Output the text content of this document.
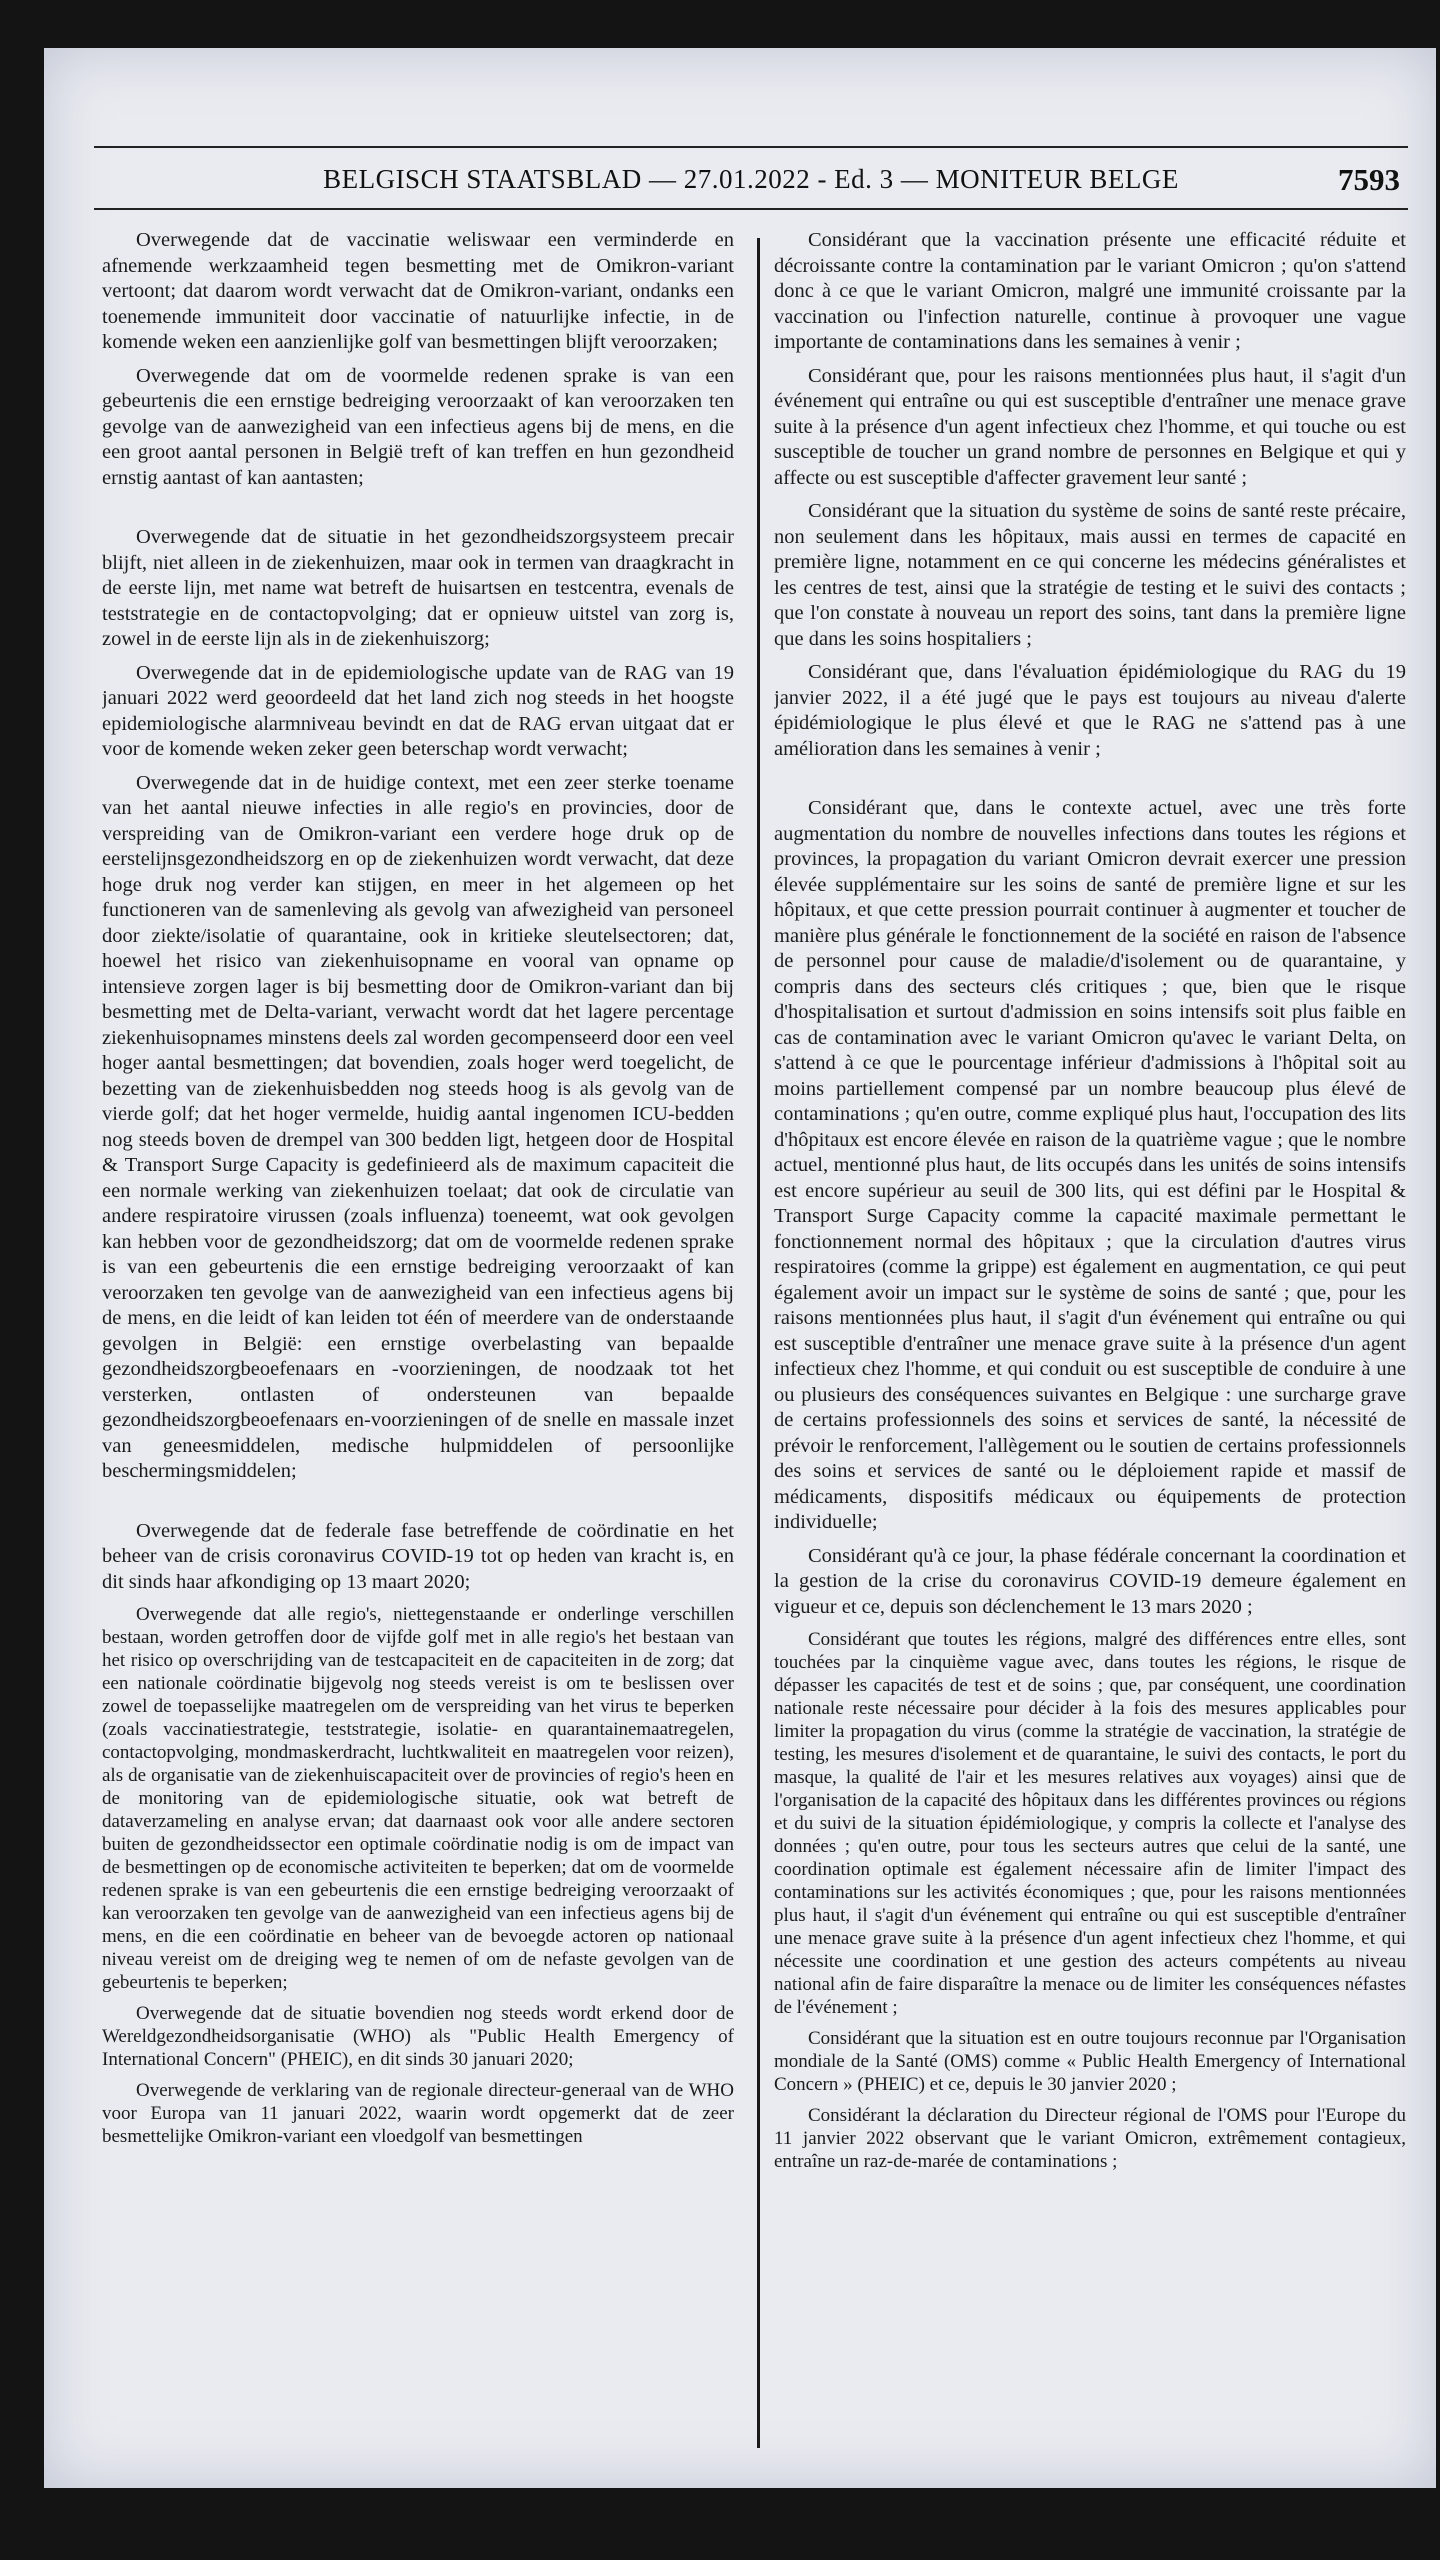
BELGISCH STAATSBLAD — 27.01.2022 - Ed. 3 — MONITEUR BELGE	7593

Overwegende dat de vaccinatie weliswaar een verminderde en afnemende werkzaamheid tegen besmetting met de Omikron-variant vertoont; dat daarom wordt verwacht dat de Omikron-variant, ondanks een toenemende immuniteit door vaccinatie of natuurlijke infectie, in de komende weken een aanzienlijke golf van besmettingen blijft veroorzaken;

Overwegende dat om de voormelde redenen sprake is van een gebeurtenis die een ernstige bedreiging veroorzaakt of kan veroorzaken ten gevolge van de aanwezigheid van een infectieus agens bij de mens, en die een groot aantal personen in België treft of kan treffen en hun gezondheid ernstig aantast of kan aantasten;

Overwegende dat de situatie in het gezondheidszorgsysteem precair blijft, niet alleen in de ziekenhuizen, maar ook in termen van draagkracht in de eerste lijn, met name wat betreft de huisartsen en testcentra, evenals de teststrategie en de contactopvolging; dat er opnieuw uitstel van zorg is, zowel in de eerste lijn als in de ziekenhuiszorg;

Overwegende dat in de epidemiologische update van de RAG van 19 januari 2022 werd geoordeeld dat het land zich nog steeds in het hoogste epidemiologische alarmniveau bevindt en dat de RAG ervan uitgaat dat er voor de komende weken zeker geen beterschap wordt verwacht;

Overwegende dat in de huidige context, met een zeer sterke toename van het aantal nieuwe infecties in alle regio's en provincies, door de verspreiding van de Omikron-variant een verdere hoge druk op de eerstelijnsgezondheidszorg en op de ziekenhuizen wordt verwacht, dat deze hoge druk nog verder kan stijgen, en meer in het algemeen op het functioneren van de samenleving als gevolg van afwezigheid van personeel door ziekte/isolatie of quarantaine, ook in kritieke sleutelsectoren; dat, hoewel het risico van ziekenhuisopname en vooral van opname op intensieve zorgen lager is bij besmetting door de Omikron-variant dan bij besmetting met de Delta-variant, verwacht wordt dat het lagere percentage ziekenhuisopnames minstens deels zal worden gecompenseerd door een veel hoger aantal besmettingen; dat bovendien, zoals hoger werd toegelicht, de bezetting van de ziekenhuisbedden nog steeds hoog is als gevolg van de vierde golf; dat het hoger vermelde, huidig aantal ingenomen ICU-bedden nog steeds boven de drempel van 300 bedden ligt, hetgeen door de Hospital & Transport Surge Capacity is gedefinieerd als de maximum capaciteit die een normale werking van ziekenhuizen toelaat; dat ook de circulatie van andere respiratoire virussen (zoals influenza) toeneemt, wat ook gevolgen kan hebben voor de gezondheidszorg; dat om de voormelde redenen sprake is van een gebeurtenis die een ernstige bedreiging veroorzaakt of kan veroorzaken ten gevolge van de aanwezigheid van een infectieus agens bij de mens, en die leidt of kan leiden tot één of meerdere van de onderstaande gevolgen in België: een ernstige overbelasting van bepaalde gezondheidszorgbeoefenaars en -voorzieningen, de noodzaak tot het versterken, ontlasten of ondersteunen van bepaalde gezondheidszorgbeoefenaars en-voorzieningen of de snelle en massale inzet van geneesmiddelen, medische hulpmiddelen of persoonlijke beschermingsmiddelen;

Overwegende dat de federale fase betreffende de coördinatie en het beheer van de crisis coronavirus COVID-19 tot op heden van kracht is, en dit sinds haar afkondiging op 13 maart 2020;

Overwegende dat alle regio's, niettegenstaande er onderlinge verschillen bestaan, worden getroffen door de vijfde golf met in alle regio's het bestaan van het risico op overschrijding van de testcapaciteit en de capaciteiten in de zorg; dat een nationale coördinatie bijgevolg nog steeds vereist is om te beslissen over zowel de toepasselijke maatregelen om de verspreiding van het virus te beperken (zoals vaccinatiestrategie, teststrategie, isolatie- en quarantainemaatregelen, contactopvolging, mondmaskerdracht, luchtkwaliteit en maatregelen voor reizen), als de organisatie van de ziekenhuiscapaciteit over de provincies of regio's heen en de monitoring van de epidemiologische situatie, ook wat betreft de dataverzameling en analyse ervan; dat daarnaast ook voor alle andere sectoren buiten de gezondheidssector een optimale coördinatie nodig is om de impact van de besmettingen op de economische activiteiten te beperken; dat om de voormelde redenen sprake is van een gebeurtenis die een ernstige bedreiging veroorzaakt of kan veroorzaken ten gevolge van de aanwezigheid van een infectieus agens bij de mens, en die een coördinatie en beheer van de bevoegde actoren op nationaal niveau vereist om de dreiging weg te nemen of om de nefaste gevolgen van de gebeurtenis te beperken;

Overwegende dat de situatie bovendien nog steeds wordt erkend door de Wereldgezondheidsorganisatie (WHO) als "Public Health Emergency of International Concern" (PHEIC), en dit sinds 30 januari 2020;

Overwegende de verklaring van de regionale directeur-generaal van de WHO voor Europa van 11 januari 2022, waarin wordt opgemerkt dat de zeer besmettelijke Omikron-variant een vloedgolf van besmettingen

Considérant que la vaccination présente une efficacité réduite et décroissante contre la contamination par le variant Omicron ; qu'on s'attend donc à ce que le variant Omicron, malgré une immunité croissante par la vaccination ou l'infection naturelle, continue à provoquer une vague importante de contaminations dans les semaines à venir ;

Considérant que, pour les raisons mentionnées plus haut, il s'agit d'un événement qui entraîne ou qui est susceptible d'entraîner une menace grave suite à la présence d'un agent infectieux chez l'homme, et qui touche ou est susceptible de toucher un grand nombre de personnes en Belgique et qui y affecte ou est susceptible d'affecter gravement leur santé ;

Considérant que la situation du système de soins de santé reste précaire, non seulement dans les hôpitaux, mais aussi en termes de capacité en première ligne, notamment en ce qui concerne les médecins généralistes et les centres de test, ainsi que la stratégie de testing et le suivi des contacts ; que l'on constate à nouveau un report des soins, tant dans la première ligne que dans les soins hospitaliers ;

Considérant que, dans l'évaluation épidémiologique du RAG du 19 janvier 2022, il a été jugé que le pays est toujours au niveau d'alerte épidémiologique le plus élevé et que le RAG ne s'attend pas à une amélioration dans les semaines à venir ;

Considérant que, dans le contexte actuel, avec une très forte augmentation du nombre de nouvelles infections dans toutes les régions et provinces, la propagation du variant Omicron devrait exercer une pression élevée supplémentaire sur les soins de santé de première ligne et sur les hôpitaux, et que cette pression pourrait continuer à augmenter et toucher de manière plus générale le fonctionnement de la société en raison de l'absence de personnel pour cause de maladie/d'isolement ou de quarantaine, y compris dans des secteurs clés critiques ; que, bien que le risque d'hospitalisation et surtout d'admission en soins intensifs soit plus faible en cas de contamination avec le variant Omicron qu'avec le variant Delta, on s'attend à ce que le pourcentage inférieur d'admissions à l'hôpital soit au moins partiellement compensé par un nombre beaucoup plus élevé de contaminations ; qu'en outre, comme expliqué plus haut, l'occupation des lits d'hôpitaux est encore élevée en raison de la quatrième vague ; que le nombre actuel, mentionné plus haut, de lits occupés dans les unités de soins intensifs est encore supérieur au seuil de 300 lits, qui est défini par le Hospital & Transport Surge Capacity comme la capacité maximale permettant le fonctionnement normal des hôpitaux ; que la circulation d'autres virus respiratoires (comme la grippe) est également en augmentation, ce qui peut également avoir un impact sur le système de soins de santé ; que, pour les raisons mentionnées plus haut, il s'agit d'un événement qui entraîne ou qui est susceptible d'entraîner une menace grave suite à la présence d'un agent infectieux chez l'homme, et qui conduit ou est susceptible de conduire à une ou plusieurs des conséquences suivantes en Belgique : une surcharge grave de certains professionnels des soins et services de santé, la nécessité de prévoir le renforcement, l'allègement ou le soutien de certains professionnels des soins et services de santé ou le déploiement rapide et massif de médicaments, dispositifs médicaux ou équipements de protection individuelle;

Considérant qu'à ce jour, la phase fédérale concernant la coordination et la gestion de la crise du coronavirus COVID-19 demeure également en vigueur et ce, depuis son déclenchement le 13 mars 2020 ;

Considérant que toutes les régions, malgré des différences entre elles, sont touchées par la cinquième vague avec, dans toutes les régions, le risque de dépasser les capacités de test et de soins ; que, par conséquent, une coordination nationale reste nécessaire pour décider à la fois des mesures applicables pour limiter la propagation du virus (comme la stratégie de vaccination, la stratégie de testing, les mesures d'isolement et de quarantaine, le suivi des contacts, le port du masque, la qualité de l'air et les mesures relatives aux voyages) ainsi que de l'organisation de la capacité des hôpitaux dans les différentes provinces ou régions et du suivi de la situation épidémiologique, y compris la collecte et l'analyse des données ; qu'en outre, pour tous les secteurs autres que celui de la santé, une coordination optimale est également nécessaire afin de limiter l'impact des contaminations sur les activités économiques ; que, pour les raisons mentionnées plus haut, il s'agit d'un événement qui entraîne ou qui est susceptible d'entraîner une menace grave suite à la présence d'un agent infectieux chez l'homme, et qui nécessite une coordination et une gestion des acteurs compétents au niveau national afin de faire disparaître la menace ou de limiter les conséquences néfastes de l'événement ;

Considérant que la situation est en outre toujours reconnue par l'Organisation mondiale de la Santé (OMS) comme « Public Health Emergency of International Concern » (PHEIC) et ce, depuis le 30 janvier 2020 ;

Considérant la déclaration du Directeur régional de l'OMS pour l'Europe du 11 janvier 2022 observant que le variant Omicron, extrêmement contagieux, entraîne un raz-de-marée de contaminations ;
